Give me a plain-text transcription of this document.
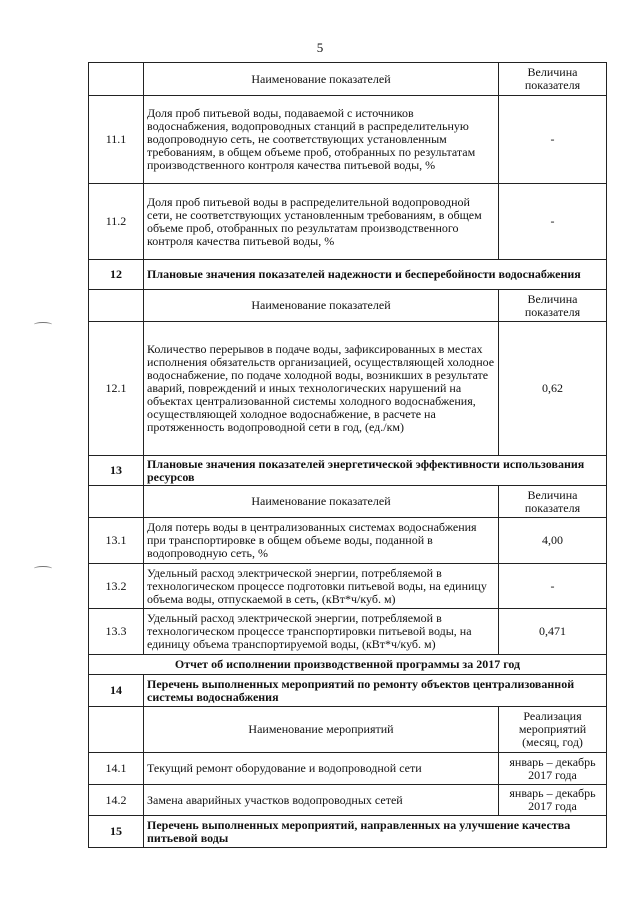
5
	Наименование показателей	Величина показателя
11.1	Доля проб питьевой воды, подаваемой с источников водоснабжения, водопроводных станций в распределительную водопроводную сеть, не соответствующих установленным требованиям, в общем объеме проб, отобранных по результатам производственного контроля качества питьевой воды, %	-
11.2	Доля проб питьевой воды в распределительной водопроводной сети, не соответствующих установленным требованиям, в общем объеме проб, отобранных по результатам производственного контроля качества питьевой воды, %	-
12	Плановые значения показателей надежности и бесперебойности водоснабжения	
	Наименование показателей	Величина показателя
12.1	Количество перерывов в подаче воды, зафиксированных в местах исполнения обязательств организацией, осуществляющей холодное водоснабжение, по подаче холодной воды, возникших в результате аварий, повреждений и иных технологических нарушений на объектах централизованной системы холодного водоснабжения, осуществляющей холодное водоснабжение, в расчете на протяженность водопроводной сети в год, (ед./км)	0,62
13	Плановые значения показателей энергетической эффективности использования ресурсов	
	Наименование показателей	Величина показателя
13.1	Доля потерь воды в централизованных системах водоснабжения при транспортировке в общем объеме воды, поданной в водопроводную сеть, %	4,00
13.2	Удельный расход электрической энергии, потребляемой в технологическом процессе подготовки питьевой воды, на единицу объема воды, отпускаемой в сеть, (кВт*ч/куб. м)	-
13.3	Удельный расход электрической энергии, потребляемой в технологическом процессе транспортировки питьевой воды, на единицу объема транспортируемой воды, (кВт*ч/куб. м)	0,471
Отчет об исполнении производственной программы за 2017 год		
14	Перечень выполненных мероприятий по ремонту объектов централизованной системы водоснабжения	
	Наименование мероприятий	Реализация мероприятий (месяц, год)
14.1	Текущий ремонт оборудование и водопроводной сети	январь – декабрь 2017 года
14.2	Замена аварийных участков водопроводных сетей	январь – декабрь 2017 года
15	Перечень выполненных мероприятий, направленных на улучшение качества питьевой воды	
